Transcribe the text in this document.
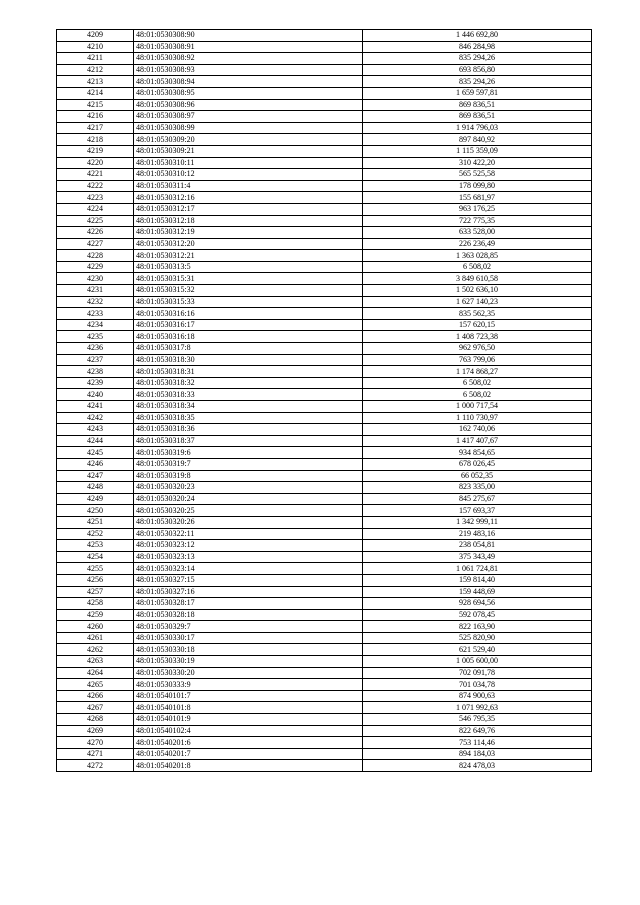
4209	48:01:0530308:90	1 446 692,80
4210	48:01:0530308:91	846 284,98
4211	48:01:0530308:92	835 294,26
4212	48:01:0530308:93	693 856,80
4213	48:01:0530308:94	835 294,26
4214	48:01:0530308:95	1 659 597,81
4215	48:01:0530308:96	869 836,51
4216	48:01:0530308:97	869 836,51
4217	48:01:0530308:99	1 914 796,03
4218	48:01:0530309:20	897 840,92
4219	48:01:0530309:21	1 115 359,09
4220	48:01:0530310:11	310 422,20
4221	48:01:0530310:12	565 525,58
4222	48:01:0530311:4	178 099,80
4223	48:01:0530312:16	155 681,97
4224	48:01:0530312:17	963 176,25
4225	48:01:0530312:18	722 775,35
4226	48:01:0530312:19	633 528,00
4227	48:01:0530312:20	226 236,49
4228	48:01:0530312:21	1 363 028,85
4229	48:01:0530313:5	6 508,02
4230	48:01:0530315:31	3 849 610,58
4231	48:01:0530315:32	1 502 636,10
4232	48:01:0530315:33	1 627 140,23
4233	48:01:0530316:16	835 562,35
4234	48:01:0530316:17	157 620,15
4235	48:01:0530316:18	1 408 723,38
4236	48:01:0530317:8	962 976,50
4237	48:01:0530318:30	763 799,06
4238	48:01:0530318:31	1 174 868,27
4239	48:01:0530318:32	6 508,02
4240	48:01:0530318:33	6 508,02
4241	48:01:0530318:34	1 000 717,54
4242	48:01:0530318:35	1 110 730,97
4243	48:01:0530318:36	162 740,06
4244	48:01:0530318:37	1 417 407,67
4245	48:01:0530319:6	934 854,65
4246	48:01:0530319:7	678 026,45
4247	48:01:0530319:8	66 052,35
4248	48:01:0530320:23	823 335,00
4249	48:01:0530320:24	845 275,67
4250	48:01:0530320:25	157 693,37
4251	48:01:0530320:26	1 342 999,11
4252	48:01:0530322:11	219 483,16
4253	48:01:0530323:12	238 054,81
4254	48:01:0530323:13	375 343,49
4255	48:01:0530323:14	1 061 724,81
4256	48:01:0530327:15	159 814,40
4257	48:01:0530327:16	159 448,69
4258	48:01:0530328:17	928 694,56
4259	48:01:0530328:18	592 078,45
4260	48:01:0530329:7	822 163,90
4261	48:01:0530330:17	525 820,90
4262	48:01:0530330:18	621 529,40
4263	48:01:0530330:19	1 005 600,00
4264	48:01:0530330:20	702 091,78
4265	48:01:0530333:9	701 034,78
4266	48:01:0540101:7	874 900,63
4267	48:01:0540101:8	1 071 992,63
4268	48:01:0540101:9	546 795,35
4269	48:01:0540102:4	822 649,76
4270	48:01:0540201:6	753 114,46
4271	48:01:0540201:7	894 184,03
4272	48:01:0540201:8	824 478,03
